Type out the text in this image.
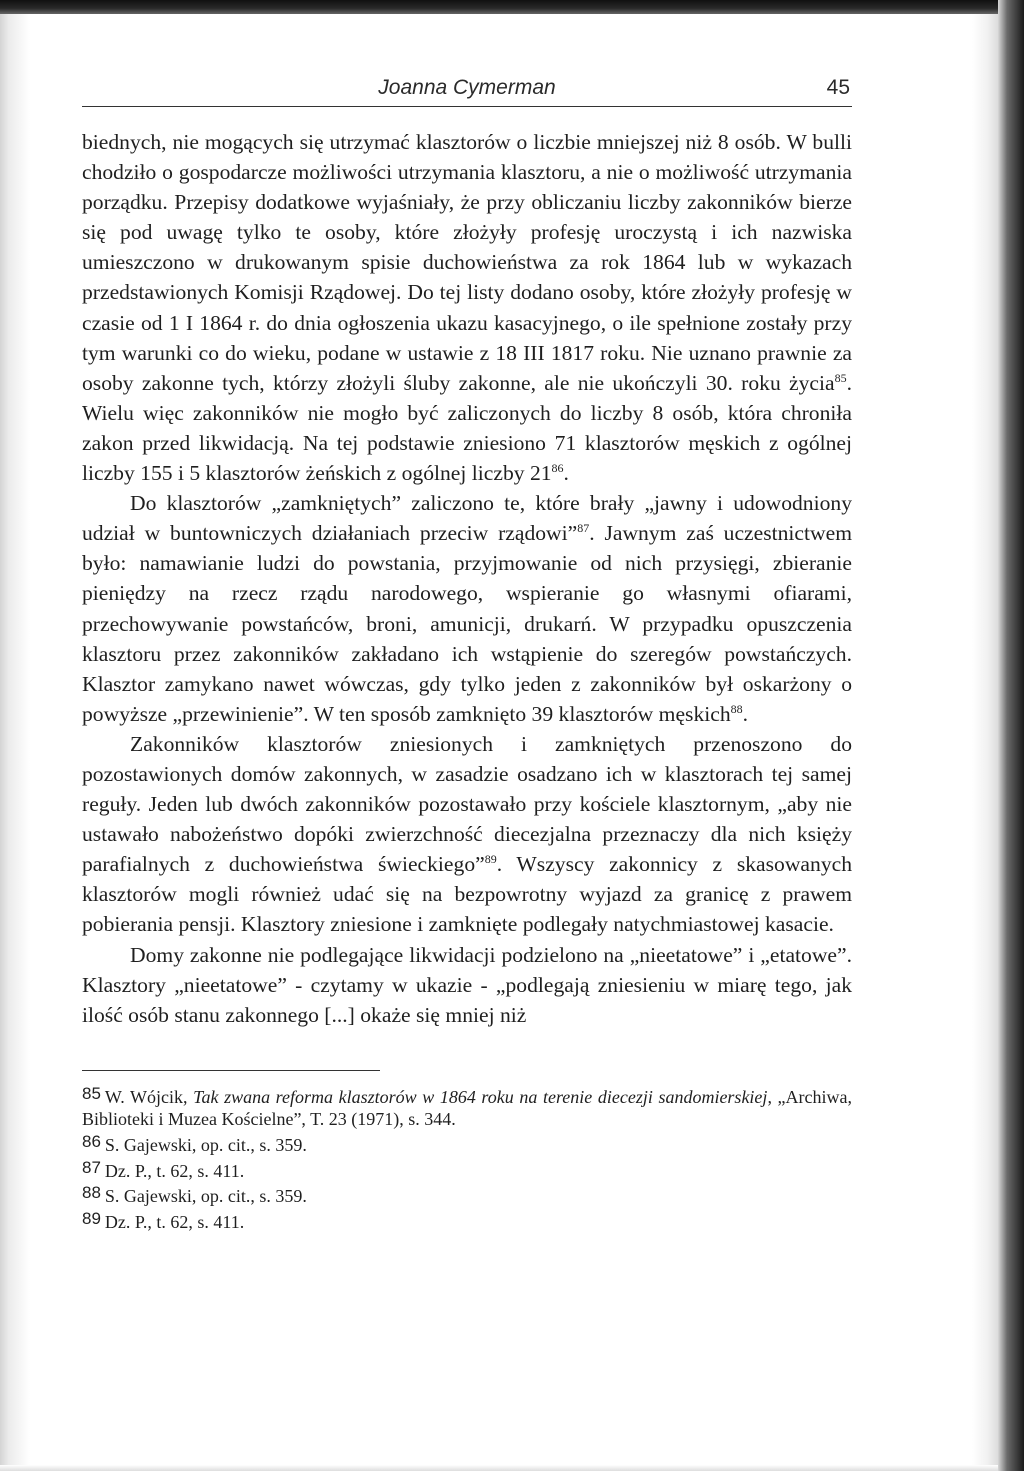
Joanna Cymerman	45

biednych, nie mogących się utrzymać klasztorów o liczbie mniejszej niż 8 osób. W bulli chodziło o gospodarcze możliwości utrzymania klasztoru, a nie o możliwość utrzymania porządku. Przepisy dodatkowe wyjaśniały, że przy obliczaniu liczby zakonników bierze się pod uwagę tylko te osoby, które złożyły profesję uroczystą i ich nazwiska umieszczono w drukowanym spisie duchowieństwa za rok 1864 lub w wykazach przedstawionych Komisji Rządowej. Do tej listy dodano osoby, które złożyły profesję w czasie od 1 I 1864 r. do dnia ogłoszenia ukazu kasacyjnego, o ile spełnione zostały przy tym warunki co do wieku, podane w ustawie z 18 III 1817 roku. Nie uznano prawnie za osoby zakonne tych, którzy złożyli śluby zakonne, ale nie ukończyli 30. roku życia$^{85}$. Wielu więc zakonników nie mogło być zaliczonych do liczby 8 osób, która chroniła zakon przed likwidacją. Na tej podstawie zniesiono 71 klasztorów męskich z ogólnej liczby 155 i 5 klasztorów żeńskich z ogólnej liczby $21^{86}$.

Do klasztorów „zamkniętych” zaliczono te, które brały „jawny i udowodniony udział w buntowniczych działaniach przeciw rządowi”$^{87}$. Jawnym zaś uczestnictwem było: namawianie ludzi do powstania, przyjmowanie od nich przysięgi, zbieranie pieniędzy na rzecz rządu narodowego, wspieranie go własnymi ofiarami, przechowywanie powstańców, broni, amunicji, drukarń. W przypadku opuszczenia klasztoru przez zakonników zakładano ich wstąpienie do szeregów powstańczych. Klasztor zamykano nawet wówczas, gdy tylko jeden z zakonników był oskarżony o powyższe „przewinienie”. W ten sposób zamknięto 39 klasztorów męskich$^{88}$.

Zakonników klasztorów zniesionych i zamkniętych przenoszono do pozostawionych domów zakonnych, w zasadzie osadzano ich w klasztorach tej samej reguły. Jeden lub dwóch zakonników pozostawało przy kościele klasztornym, „aby nie ustawało nabożeństwo dopóki zwierzchność diecezjalna przeznaczy dla nich księży parafialnych z duchowieństwa świeckiego”$^{89}$. Wszyscy zakonnicy z skasowanych klasztorów mogli również udać się na bezpowrotny wyjazd za granicę z prawem pobierania pensji. Klasztory zniesione i zamknięte podlegały natychmiastowej kasacie.

Domy zakonne nie podlegające likwidacji podzielono na „nieetatowe” i „etatowe”. Klasztory „nieetatowe” - czytamy w ukazie - „podlegają zniesieniu w miarę tego, jak ilość osób stanu zakonnego [...] okaże się mniej niż

85 W. Wójcik, Tak zwana reforma klasztorów w 1864 roku na terenie diecezji sandomierskiej, „Archiwa, Biblioteki i Muzea Kościelne”, T. 23 (1971), s. 344.

86 S. Gajewski, op. cit., s. 359.

87 Dz. P., t. 62, s. 411.

88 S. Gajewski, op. cit., s. 359.

89 Dz. P., t. 62, s. 411.
